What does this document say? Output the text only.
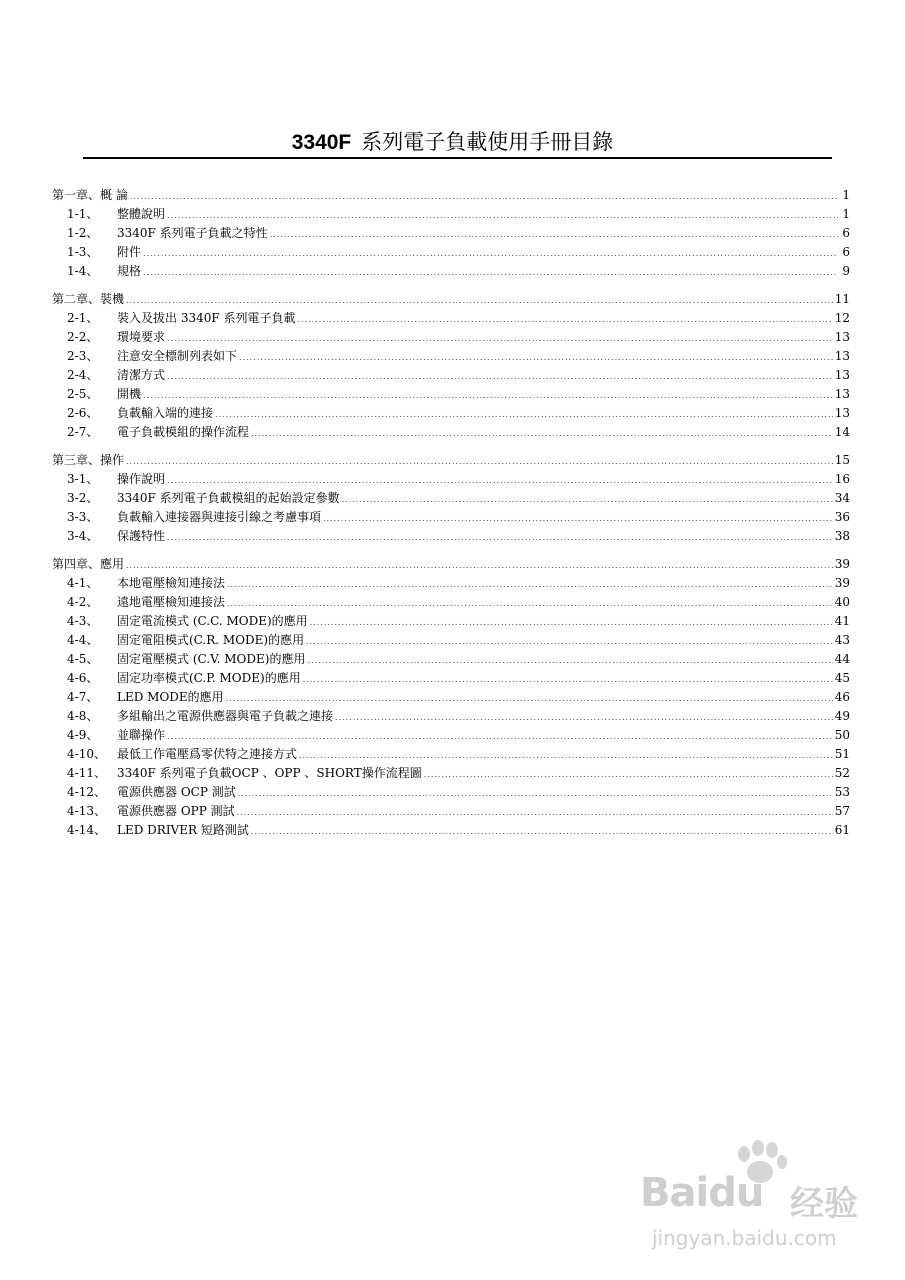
3340F 系列電子負載使用手冊目錄
第一章、概 論 .....	1
1-1、	整體說明 .....	1
1-2、	3340F 系列電子負載之特性 .....	6
1-3、	附件 .....	6
1-4、	規格 .....	9
第二章、裝機 .....	11
2-1、	裝入及拔出 3340F 系列電子負載 .....	12
2-2、	環境要求 .....	13
2-3、	注意安全標制列表如下 .....	13
2-4、	清潔方式 .....	13
2-5、	開機 .....	13
2-6、	負載輸入端的連接 .....	13
2-7、	電子負載模組的操作流程 .....	14
第三章、操作 .....	15
3-1、	操作說明 .....	16
3-2、	3340F 系列電子負載模組的起始設定參數 .....	34
3-3、	負載輸入連接器與連接引線之考慮事項 .....	36
3-4、	保護特性 .....	38
第四章、應用 .....	39
4-1、	本地電壓檢知連接法 .....	39
4-2、	遠地電壓檢知連接法 .....	40
4-3、	固定電流模式 (C.C. MODE)的應用 .....	41
4-4、	固定電阻模式(C.R. MODE)的應用 .....	43
4-5、	固定電壓模式 (C.V. MODE)的應用 .....	44
4-6、	固定功率模式(C.P. MODE)的應用 .....	45
4-7、	LED MODE的應用 .....	46
4-8、	多組輸出之電源供應器與電子負載之連接 .....	49
4-9、	並聯操作 .....	50
4-10、 最低工作電壓爲零伏特之連接方式 .....	51
4-11、 3340F 系列電子負載OCP 、OPP 、SHORT操作流程圖 .....	52
4-12、 電源供應器 OCP 測試 .....	53
4-13、 電源供應器 OPP 測試 .....	57
4-14、 LED DRIVER 短路測試 .....	61
Baidu 经验
jingyan.baidu.com
